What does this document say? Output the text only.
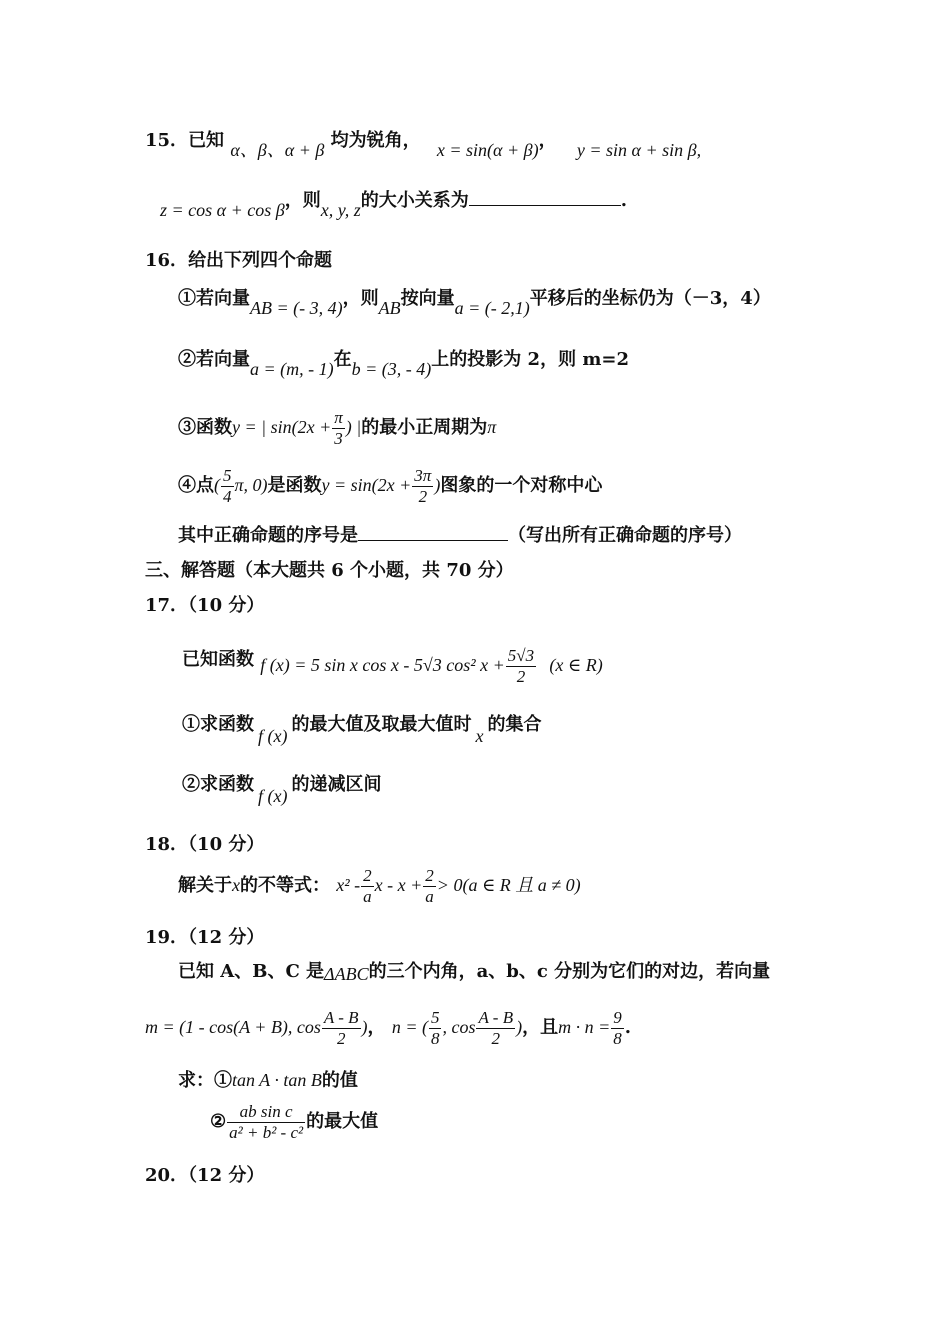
15．已知 α、β、α + β 均为锐角， x = sin(α + β)， y = sin α + sin β,
z = cos α + cos β，则x, y, z的大小关系为	.
16．给出下列四个命题
①若向量AB = (- 3, 4)，则AB按向量a = (- 2,1)平移后的坐标仍为（－3，4）
②若向量a = (m, - 1)在b = (3, - 4)上的投影为 2，则 m=2
③函数y = | $\sin(2x + \frac{\pi}{3}$ ) |的最小正周期为π
④点( $\frac{5}{4} \pi$, 0)是函数$y = \sin(2x + \frac{3\pi}{2}$ )图象的一个对称中心
其中正确命题的序号是	（写出所有正确命题的序号）
三、解答题（本大题共 6 个小题，共 70 分）
17．（10 分）
已知函数 f (x) = 5 sin x cos x - 5√3 cos² $x + \frac{5√3}{2} (x$ ∈ R)
①求函数f (x)的最大值及取最大值时x的集合
②求函数f (x)的递减区间
18．（10 分）
解关于x的不等式： $x^2 - \frac{2}{a}$ $x - x + \frac{2}{a} > 0(a$ ∈ R 且 a ≠ 0)
19．（12 分）
已知 A、B、C 是ΔABC的三个内角，a、b、c 分别为它们的对边，若向量
m = (1 - cos(A + B), $\cos \frac{A - B}{2}$ )， n = ( $\frac{5}{8}$ , $\cos \frac{A - B}{2}$ )，且$m \cdot n = \frac{9}{8}$ .
求：①tan A · tan B的值
② $\frac{\text{ab sin c}}{\text{a² + b² - c²}}$ 的最大值
20．（12 分）
